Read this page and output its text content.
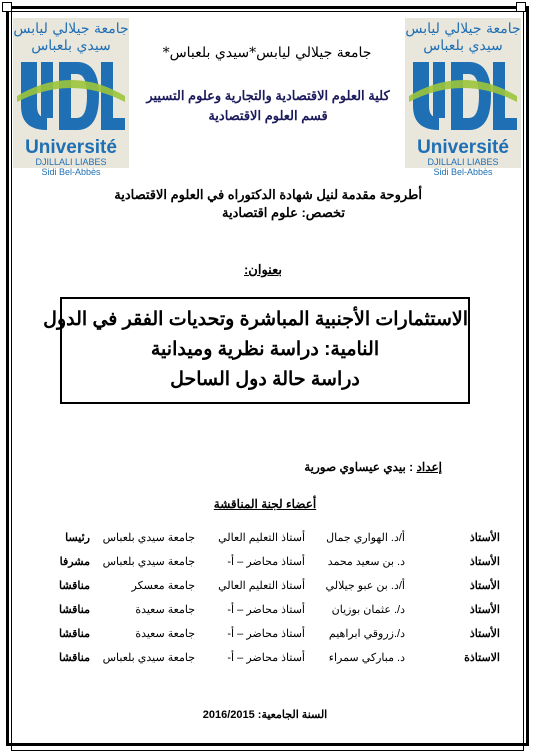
جامعة جيلالي ليابس
سيدي بلعباس
Université
DJILLALI LIABES
Sidi Bel-Abbès
جامعة جيلالي ليابس
سيدي بلعباس
Université
DJILLALI LIABES
Sidi Bel-Abbès
جامعة جيلالي ليابس*سيدي بلعباس*
كلية العلوم الاقتصادية والتجارية وعلوم التسيير
قسم العلوم الاقتصادية
أطروحة مقدمة لنيل شهادة الدكتوراه في العلوم الاقتصادية
تخصص: علوم اقتصادية
بعنوان:
الاستثمارات الأجنبية المباشرة وتحديات الفقر في الدول
النامية: دراسة نظرية وميدانية
دراسة حالة دول الساحل
إعداد : بيدي عيساوي صورية
أعضاء لجنة المناقشة
الأستاذ
أ/د. الهواري جمال
أستاذ التعليم العالي
جامعة سيدي بلعباس
رئيسا
الأستاذ
د. بن سعيد محمد
أستاذ محاضر – أ-
جامعة سيدي بلعباس
مشرفا
الأستاذ
أ/د. بن عبو جيلالي
أستاذ التعليم العالي
جامعة معسكر
مناقشا
الأستاذ
د/. عثمان بوزيان
أستاذ محاضر – أ-
جامعة سعيدة
مناقشا
الأستاذ
د/.زروقي ابراهيم
أستاذ محاضر – أ-
جامعة سعيدة
مناقشا
الاستاذة
د. مباركي سمراء
أستاذ محاضر – أ-
جامعة سيدي بلعباس
مناقشا
السنة الجامعية: 2016/2015
